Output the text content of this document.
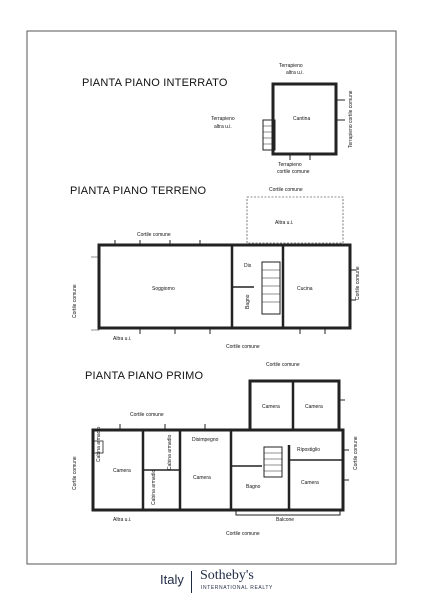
Terrapieno
altra u.i.
Terrapieno
altra u.i.	Terrapieno cortile comune
Terrapieno
cortile comune
Cantina
Cortile comune
Altra u.i.
Cortile comune
Dis
Soggiorno
Bagno
Cucina
Cortile comune
Cortile comune
Altra u.i.
Cortile comune
Cortile comune
Camera	Camera
Cortile comune
Disimpegno
Cabina armadio	Cabina armadio
Cabina armadio
Ripostiglio
Camera
Camera
Bagno
Camera
Cortile comune
Cortile comune
Altra u.i.	Balcone
Cortile comune
PIANTA PIANO INTERRATO
PIANTA PIANO TERRENO
PIANTA PIANO PRIMO
Italy Sotheby's
INTERNATIONAL REALTY
